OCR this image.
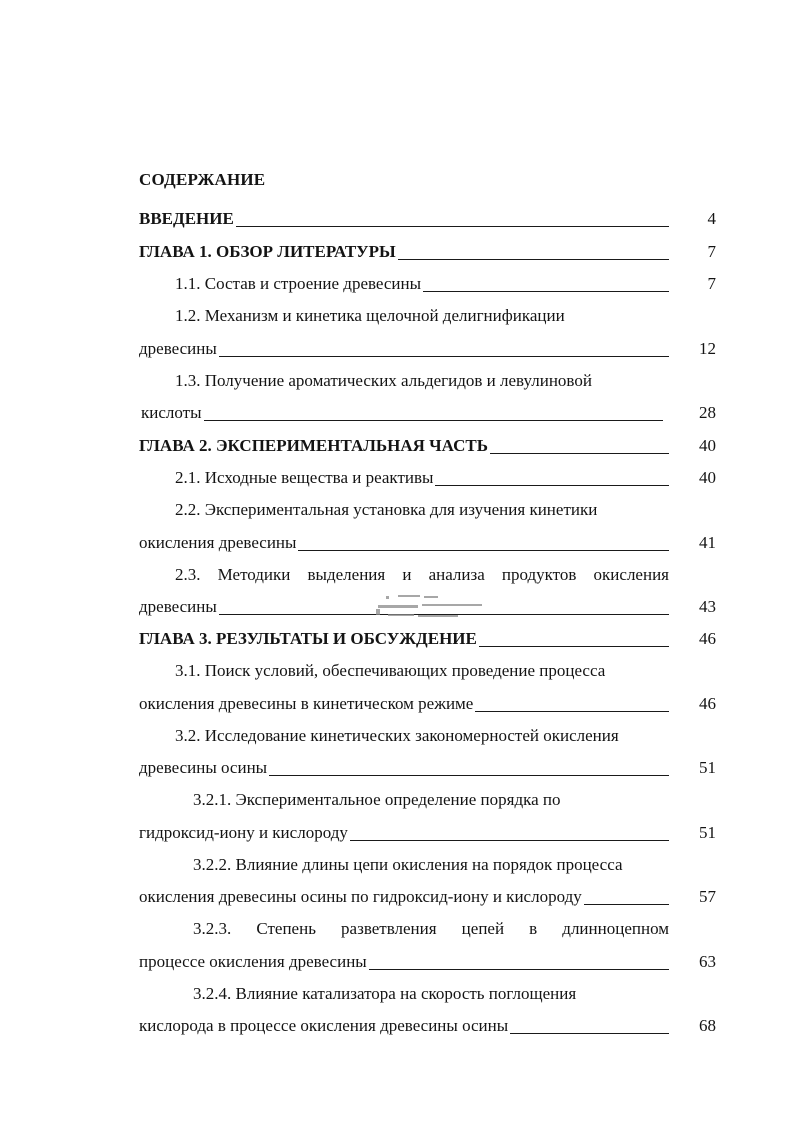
СОДЕРЖАНИЕ
ВВЕДЕНИЕ	4
ГЛАВА 1. ОБЗОР ЛИТЕРАТУРЫ	7
1.1. Состав и строение древесины	7
1.2. Механизм и кинетика щелочной делигнификации
древесины	12
1.3. Получение ароматических альдегидов и левулиновой
кислоты	28
ГЛАВА 2. ЭКСПЕРИМЕНТАЛЬНАЯ ЧАСТЬ	40
2.1. Исходные вещества и реактивы	40
2.2. Экспериментальная установка для изучения кинетики
окисления древесины	41
2.3. Методики выделения и анализа продуктов окисления
древесины	43
ГЛАВА 3. РЕЗУЛЬТАТЫ И ОБСУЖДЕНИЕ	46
3.1. Поиск условий, обеспечивающих проведение процесса
окисления древесины в кинетическом режиме	46
3.2. Исследование кинетических закономерностей окисления
древесины осины	51
3.2.1. Экспериментальное определение порядка по
гидроксид-иону и кислороду	51
3.2.2. Влияние длины цепи окисления на порядок процесса
окисления древесины осины по гидроксид-иону и кислороду	57
3.2.3. Степень разветвления цепей в длинноцепном
процессе окисления древесины	63
3.2.4. Влияние катализатора на скорость поглощения
кислорода в процессе окисления древесины осины	68
